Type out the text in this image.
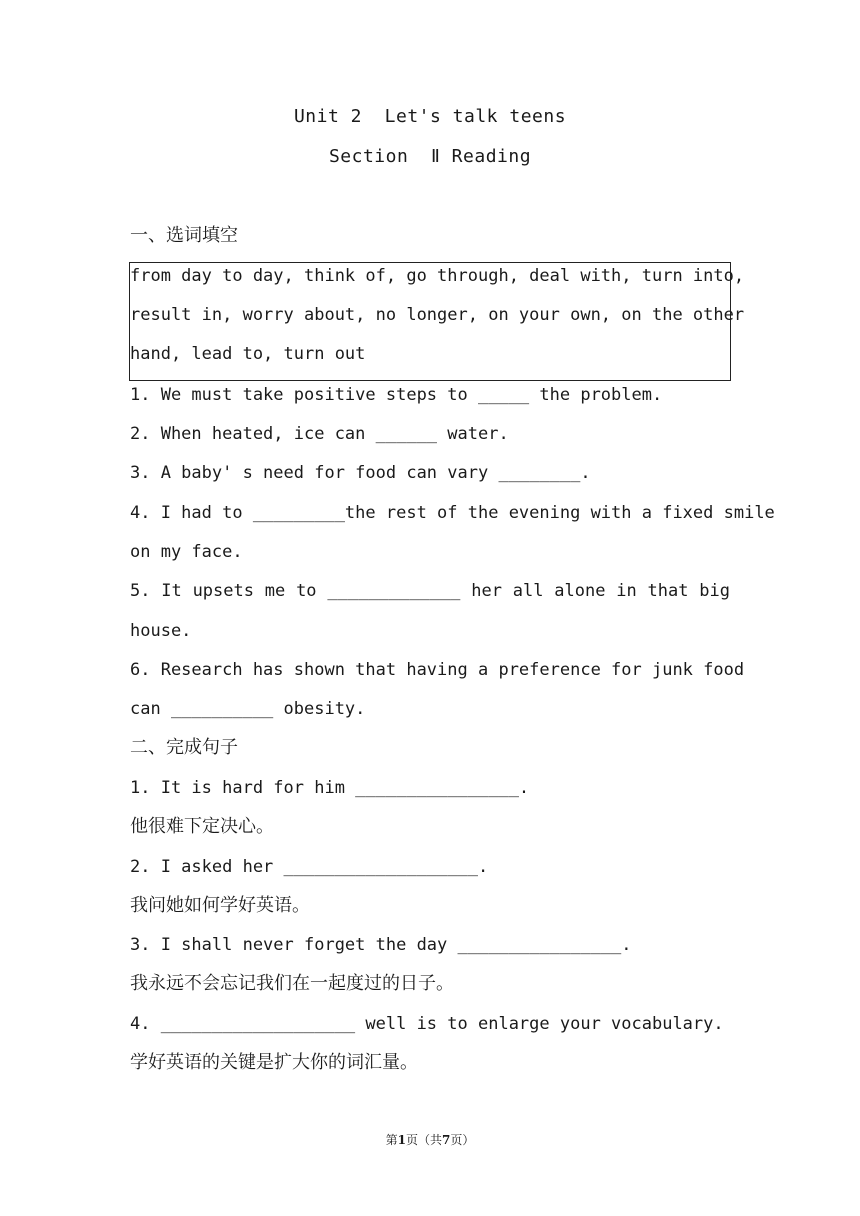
Unit 2  Let's talk teens
Section  Ⅱ Reading
一、选词填空
from day to day, think of, go through, deal with, turn into,
result in, worry about, no longer, on your own, on the other
hand, lead to, turn out
1. We must take positive steps to _____ the problem.
2. When heated, ice can ______ water.
3. A baby' s need for food can vary ________.
4. I had to _________the rest of the evening with a fixed smile
on my face.
5. It upsets me to _____________ her all alone in that big
house.
6. Research has shown that having a preference for junk food
can __________ obesity.
二、完成句子
1. It is hard for him ________________.
他很难下定决心。
2. I asked her ___________________.
我问她如何学好英语。
3. I shall never forget the day ________________.
我永远不会忘记我们在一起度过的日子。
4. ___________________ well is to enlarge your vocabulary.
学好英语的关键是扩大你的词汇量。
第1页（共7页）
